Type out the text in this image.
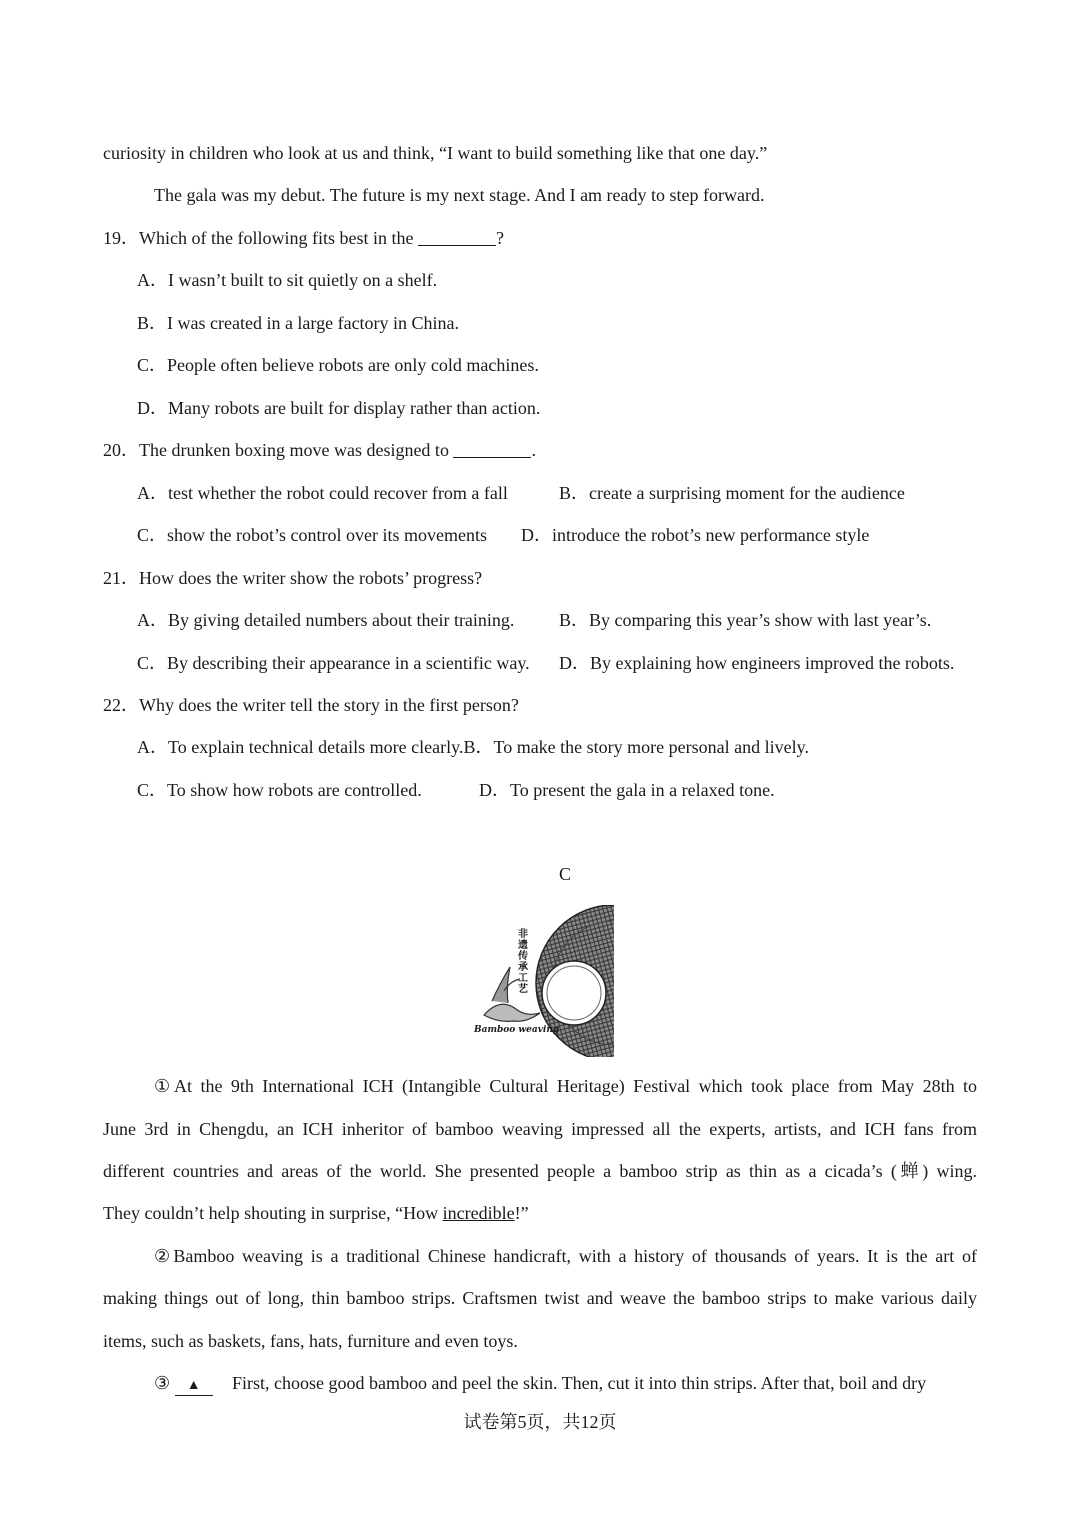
curiosity in children who look at us and think, “I want to build something like that one day.”
The gala was my debut. The future is my next stage. And I am ready to step forward.
19．Which of the following fits best in the	?
A．I wasn’t built to sit quietly on a shelf.
B．I was created in a large factory in China.
C．People often believe robots are only cold machines.
D．Many robots are built for display rather than action.
20．The drunken boxing move was designed to	.
A．test whether the robot could recover from a fall	B．create a surprising moment for the audience
C．show the robot’s control over its movements D．introduce the robot’s new performance style
21．How does the writer show the robots’ progress?
A．By giving detailed numbers about their training. B．By comparing this year’s show with last year’s.
C．By describing their appearance in a scientific way. D．By explaining how engineers improved the robots.
22．Why does the writer tell the story in the first person?
A．To explain technical details more clearly.B．To make the story more personal and lively.
C．To show how robots are controlled.	D．To present the gala in a relaxed tone.
C
非遗传承工艺
Bamboo weaving
①At the 9th International ICH (Intangible Cultural Heritage) Festival which took place from May 28th to
June 3rd in Chengdu, an ICH inheritor of bamboo weaving impressed all the experts, artists, and ICH fans from
different countries and areas of the world. She presented people a bamboo strip as thin as a cicada’s (蝉) wing.
They couldn’t help shouting in surprise, “How incredible!”
②Bamboo weaving is a traditional Chinese handicraft, with a history of thousands of years. It is the art of
making things out of long, thin bamboo strips. Craftsmen twist and weave the bamboo strips to make various daily
items, such as baskets, fans, hats, furniture and even toys.
③ ▲	First, choose good bamboo and peel the skin. Then, cut it into thin strips. After that, boil and dry
试卷第5页，共12页
